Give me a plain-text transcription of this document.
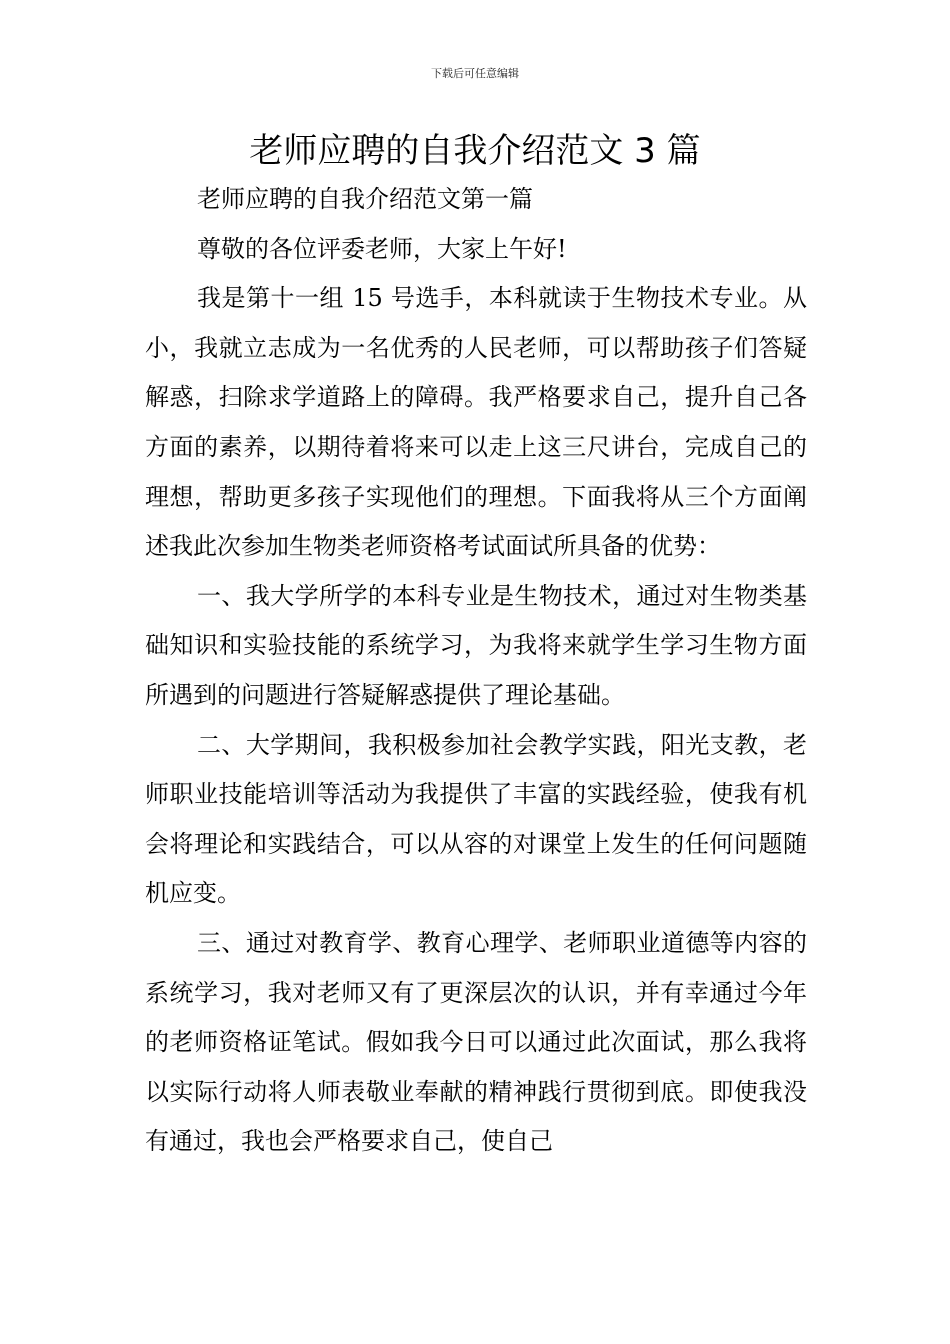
下载后可任意编辑
老师应聘的自我介绍范文 3 篇

老师应聘的自我介绍范文第一篇

尊敬的各位评委老师，大家上午好!

我是第十一组 15 号选手，本科就读于生物技术专业。从小，我就立志成为一名优秀的人民老师，可以帮助孩子们答疑解惑，扫除求学道路上的障碍。我严格要求自己，提升自己各方面的素养，以期待着将来可以走上这三尺讲台，完成自己的理想，帮助更多孩子实现他们的理想。下面我将从三个方面阐述我此次参加生物类老师资格考试面试所具备的优势：

一、我大学所学的本科专业是生物技术，通过对生物类基础知识和实验技能的系统学习，为我将来就学生学习生物方面所遇到的问题进行答疑解惑提供了理论基础。

二、大学期间，我积极参加社会教学实践，阳光支教，老师职业技能培训等活动为我提供了丰富的实践经验，使我有机会将理论和实践结合，可以从容的对课堂上发生的任何问题随机应变。

三、通过对教育学、教育心理学、老师职业道德等内容的系统学习，我对老师又有了更深层次的认识，并有幸通过今年的老师资格证笔试。假如我今日可以通过此次面试，那么我将以实际行动将人师表敬业奉献的精神践行贯彻到底。即使我没有通过，我也会严格要求自己，使自己
